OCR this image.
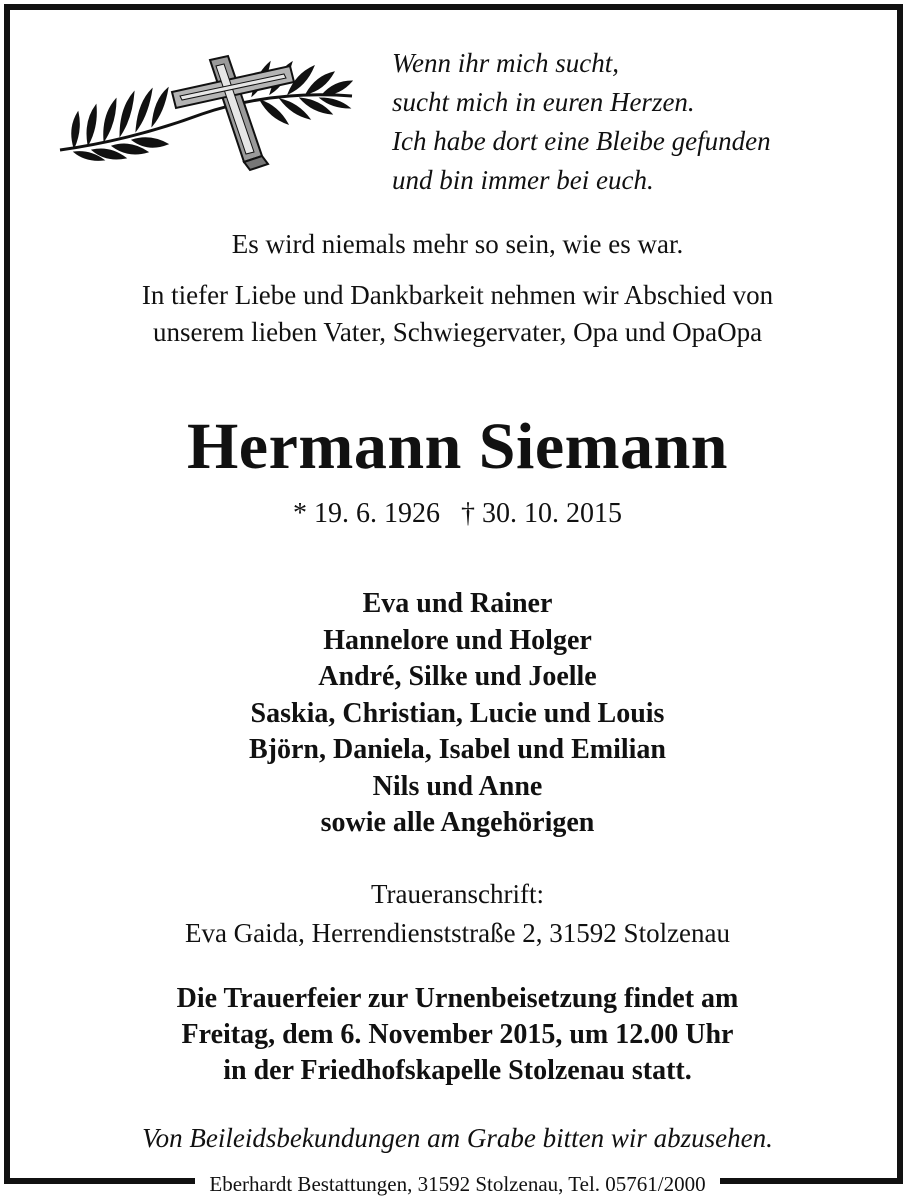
Wenn ihr mich sucht,
sucht mich in euren Herzen.
Ich habe dort eine Bleibe gefunden
und bin immer bei euch.
Es wird niemals mehr so sein, wie es war.
In tiefer Liebe und Dankbarkeit nehmen wir Abschied von
unserem lieben Vater, Schwiegervater, Opa und OpaOpa
Hermann Siemann
* 19. 6. 1926   † 30. 10. 2015
Eva und Rainer
Hannelore und Holger
André, Silke und Joelle
Saskia, Christian, Lucie und Louis
Björn, Daniela, Isabel und Emilian
Nils und Anne
sowie alle Angehörigen
Traueranschrift:
Eva Gaida, Herrendienststraße 2, 31592 Stolzenau
Die Trauerfeier zur Urnenbeisetzung findet am
Freitag, dem 6. November 2015, um 12.00 Uhr
in der Friedhofskapelle Stolzenau statt.
Von Beileidsbekundungen am Grabe bitten wir abzusehen.
Eberhardt Bestattungen, 31592 Stolzenau, Tel. 05761/2000
